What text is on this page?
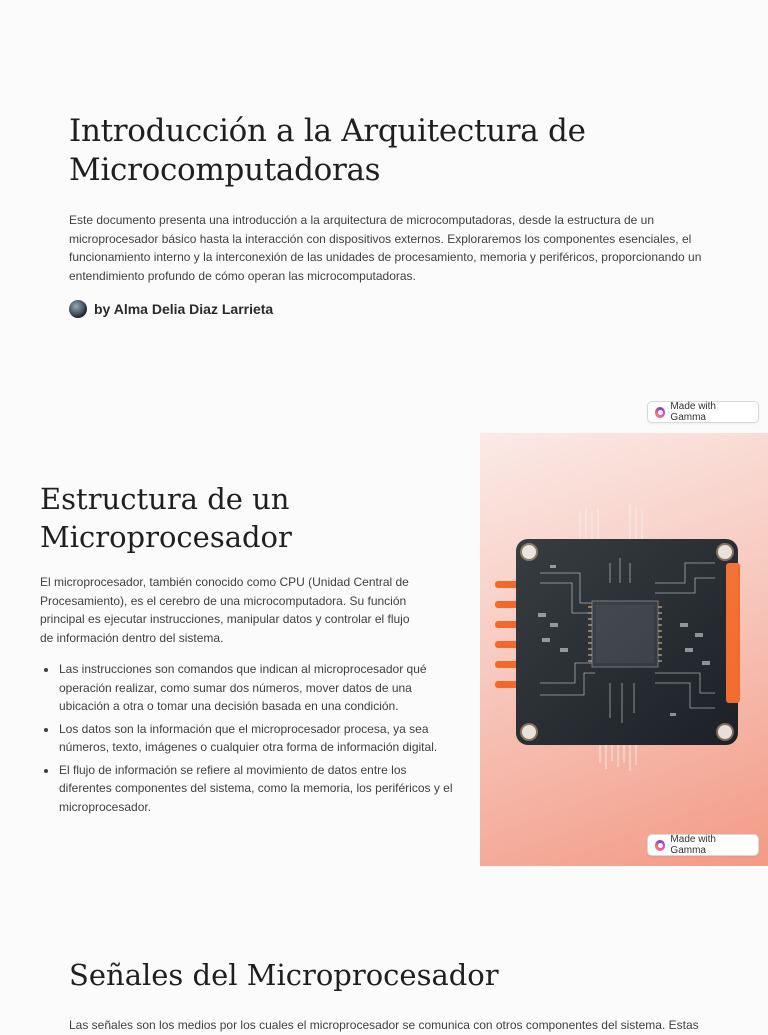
Introducción a la Arquitectura de Microcomputadoras

Este documento presenta una introducción a la arquitectura de microcomputadoras, desde la estructura de un microprocesador básico hasta la interacción con dispositivos externos. Exploraremos los componentes esenciales, el funcionamiento interno y la interconexión de las unidades de procesamiento, memoria y periféricos, proporcionando un entendimiento profundo de cómo operan las microcomputadoras.

by Alma Delia Diaz Larrieta
Made with Gamma
Estructura de un Microprocesador

El microprocesador, también conocido como CPU (Unidad Central de Procesamiento), es el cerebro de una microcomputadora. Su función principal es ejecutar instrucciones, manipular datos y controlar el flujo de información dentro del sistema.

• Las instrucciones son comandos que indican al microprocesador qué operación realizar, como sumar dos números, mover datos de una ubicación a otra o tomar una decisión basada en una condición.
• Los datos son la información que el microprocesador procesa, ya sea números, texto, imágenes o cualquier otra forma de información digital.
• El flujo de información se refiere al movimiento de datos entre los diferentes componentes del sistema, como la memoria, los periféricos y el microprocesador.
Made with Gamma
Señales del Microprocesador

Las señales son los medios por los cuales el microprocesador se comunica con otros componentes del sistema. Estas
